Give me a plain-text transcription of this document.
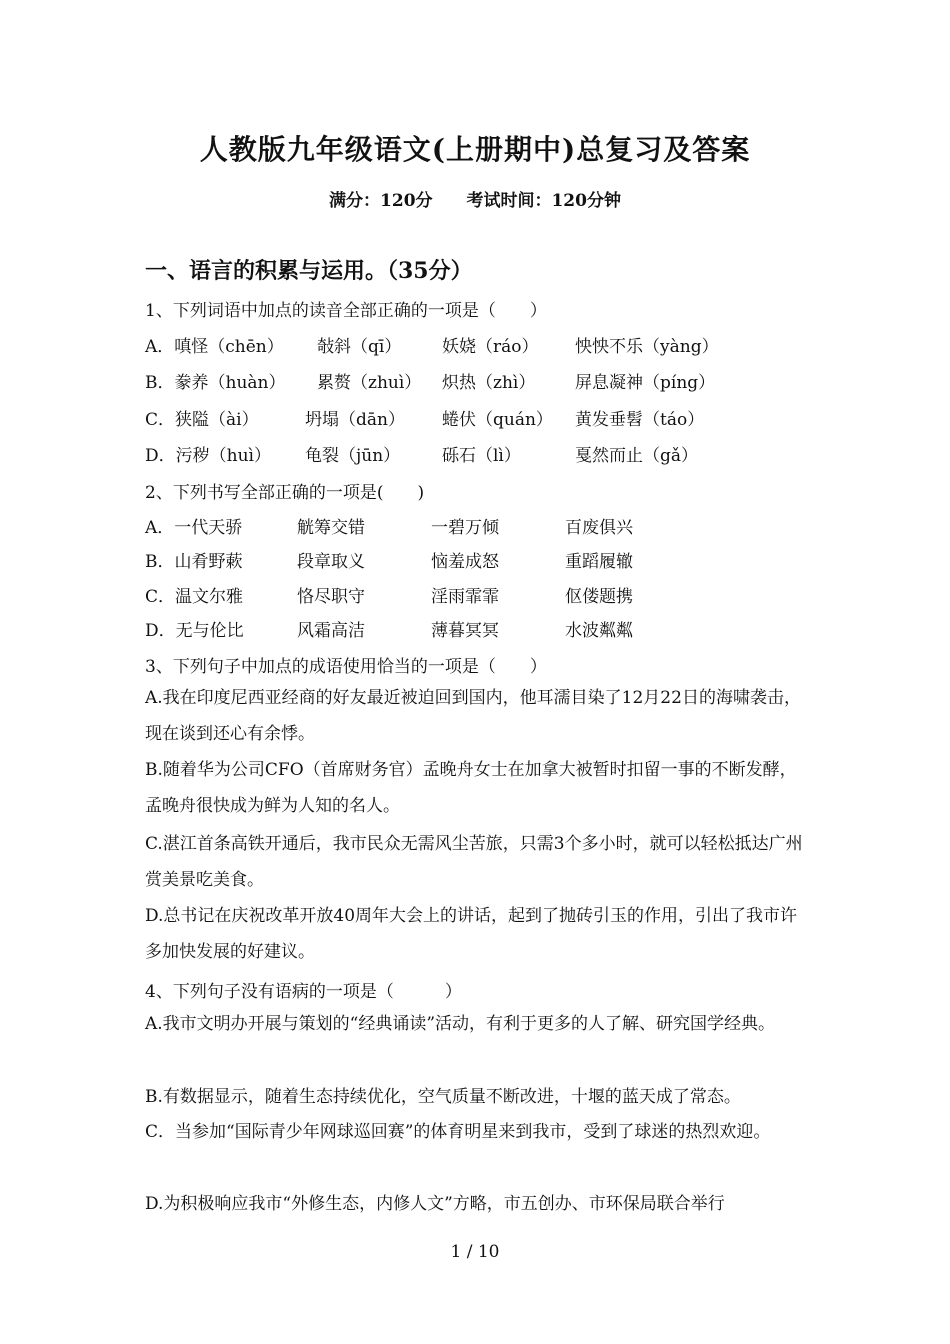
人教版九年级语文(上册期中)总复习及答案
满分：120分 考试时间：120分钟
一、语言的积累与运用。（35分）
1、下列词语中加点的读音全部正确的一项是（　　）
A．嗔怪（chēn） 敧斜（qī） 妖娆（ráo） 怏怏不乐（yàng）
B．豢养（huàn） 累赘（zhuì） 炽热（zhì） 屏息凝神（píng）
C．狭隘（ài）	坍塌（dān） 蜷伏（quán） 黄发垂髫（táo）
D．污秽（huì） 龟裂（jūn） 砾石（lì）	戛然而止（gǎ）
2、下列书写全部正确的一项是(　　)
A．一代天骄	觥筹交错	一碧万倾	百废俱兴
B．山肴野蔌	段章取义	恼羞成怒	重蹈履辙
C．温文尔雅	恪尽职守	淫雨霏霏	伛偻题携
D．无与伦比	风霜高洁	薄暮冥冥	水波粼粼
3、下列句子中加点的成语使用恰当的一项是（　　）
A.我在印度尼西亚经商的好友最近被迫回到国内，他耳濡目染了12月22日的海啸袭击，现在谈到还心有余悸。
B.随着华为公司CFO（首席财务官）孟晚舟女士在加拿大被暂时扣留一事的不断发酵，孟晚舟很快成为鲜为人知的名人。
C.湛江首条高铁开通后，我市民众无需风尘苦旅，只需3个多小时，就可以轻松抵达广州赏美景吃美食。
D.总书记在庆祝改革开放40周年大会上的讲话，起到了抛砖引玉的作用，引出了我市许多加快发展的好建议。
4、下列句子没有语病的一项是（　　　）
A.我市文明办开展与策划的“经典诵读”活动，有利于更多的人了解、研究国学经典。
B.有数据显示，随着生态持续优化，空气质量不断改进，十堰的蓝天成了常态。
C．当参加“国际青少年网球巡回赛”的体育明星来到我市，受到了球迷的热烈欢迎。
D.为积极响应我市“外修生态，内修人文”方略，市五创办、市环保局联合举行
1 / 10
